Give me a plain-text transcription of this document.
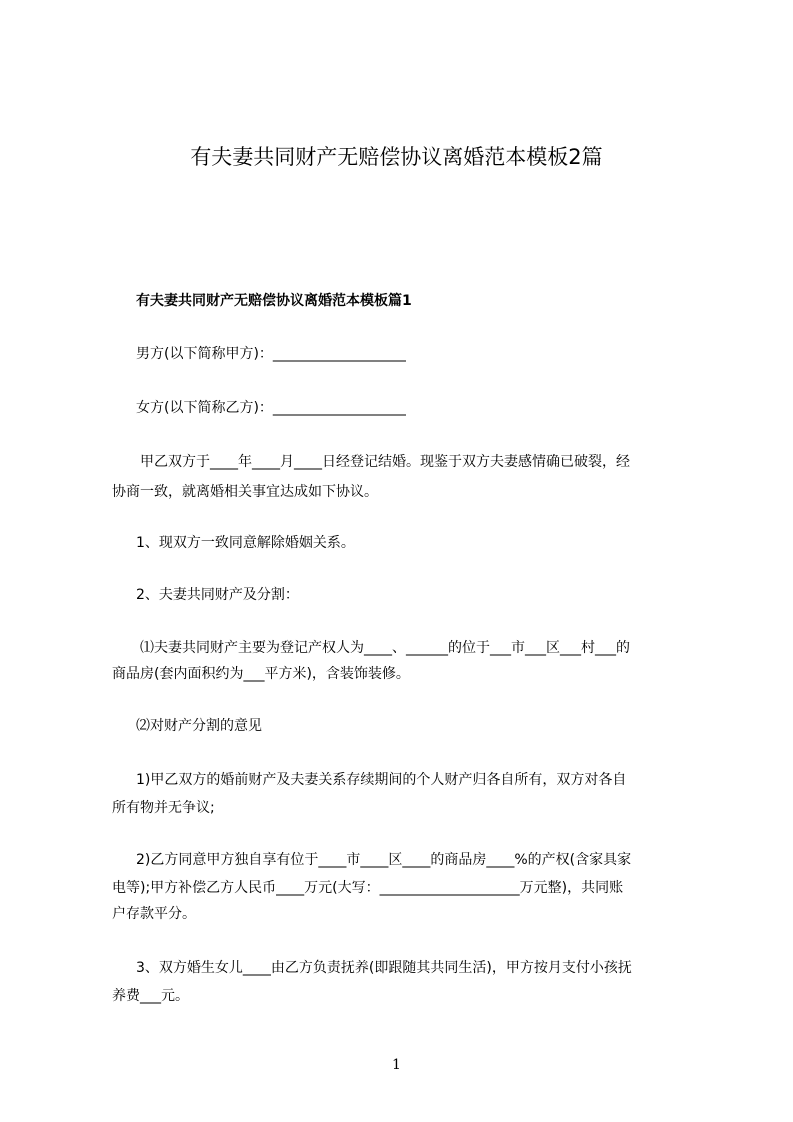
有夫妻共同财产无赔偿协议离婚范本模板2篇
有夫妻共同财产无赔偿协议离婚范本模板篇1

男方(以下简称甲方)：___________________

女方(以下简称乙方)：___________________

甲乙双方于____年____月____日经登记结婚。现鉴于双方夫妻感情确已破裂，经

协商一致，就离婚相关事宜达成如下协议。

1、现双方一致同意解除婚姻关系。

2、夫妻共同财产及分割：

⑴夫妻共同财产主要为登记产权人为____、______的位于___市___区___村___的

商品房(套内面积约为___平方米)，含装饰装修。

⑵对财产分割的意见

1)甲乙双方的婚前财产及夫妻关系存续期间的个人财产归各自所有，双方对各自

所有物并无争议;

2)乙方同意甲方独自享有位于____市____区____的商品房____%的产权(含家具家

电等);甲方补偿乙方人民币____万元(大写：____________________万元整)，共同账

户存款平分。

3、双方婚生女儿____由乙方负责抚养(即跟随其共同生活)，甲方按月支付小孩抚

养费___元。

1
